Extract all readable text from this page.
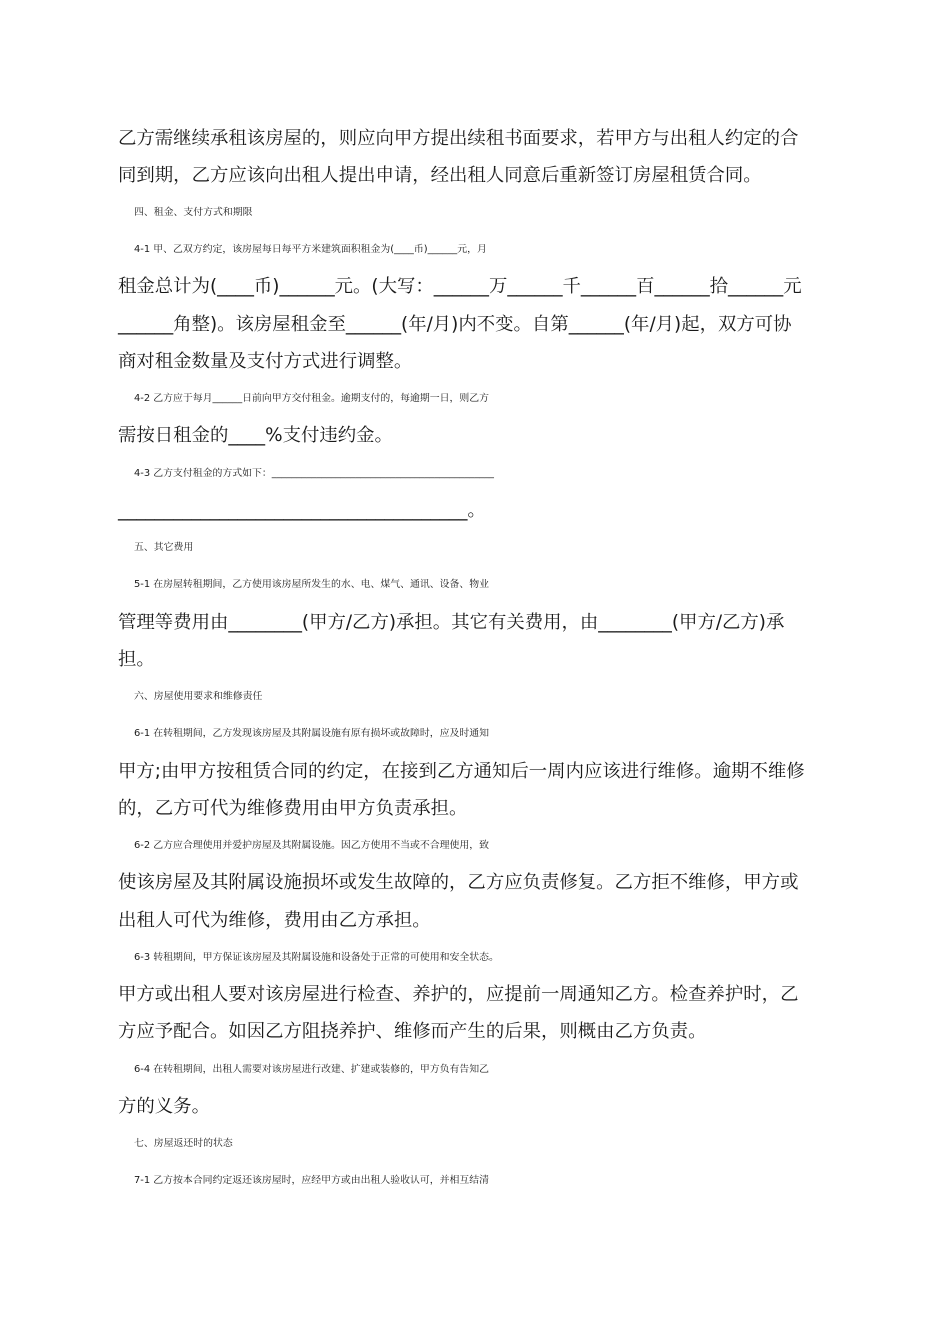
乙方需继续承租该房屋的，则应向甲方提出续租书面要求，若甲方与出租人约定的合
同到期，乙方应该向出租人提出申请，经出租人同意后重新签订房屋租赁合同。
四、租金、支付方式和期限
4-1 甲、乙双方约定，该房屋每日每平方米建筑面积租金为(____币)______元，月
租金总计为(____币)______元。(大写：______万______千______百______拾______元
______角整)。该房屋租金至______(年/月)内不变。自第______(年/月)起，双方可协
商对租金数量及支付方式进行调整。
4-2 乙方应于每月______日前向甲方交付租金。逾期支付的，每逾期一日，则乙方
需按日租金的____%支付违约金。
4-3 乙方支付租金的方式如下：_____________________________________________
______________________________________。
五、其它费用
5-1 在房屋转租期间，乙方使用该房屋所发生的水、电、煤气、通讯、设备、物业
管理等费用由________(甲方/乙方)承担。其它有关费用，由________(甲方/乙方)承
担。
六、房屋使用要求和维修责任
6-1 在转租期间，乙方发现该房屋及其附属设施有原有损坏或故障时，应及时通知
甲方;由甲方按租赁合同的约定，在接到乙方通知后一周内应该进行维修。逾期不维修
的，乙方可代为维修费用由甲方负责承担。
6-2 乙方应合理使用并爱护房屋及其附属设施。因乙方使用不当或不合理使用，致
使该房屋及其附属设施损坏或发生故障的，乙方应负责修复。乙方拒不维修，甲方或
出租人可代为维修，费用由乙方承担。
6-3 转租期间，甲方保证该房屋及其附属设施和设备处于正常的可使用和安全状态。
甲方或出租人要对该房屋进行检查、养护的，应提前一周通知乙方。检查养护时，乙
方应予配合。如因乙方阻挠养护、维修而产生的后果，则概由乙方负责。
6-4 在转租期间，出租人需要对该房屋进行改建、扩建或装修的，甲方负有告知乙
方的义务。
七、房屋返还时的状态
7-1 乙方按本合同约定返还该房屋时，应经甲方或由出租人验收认可，并相互结清
